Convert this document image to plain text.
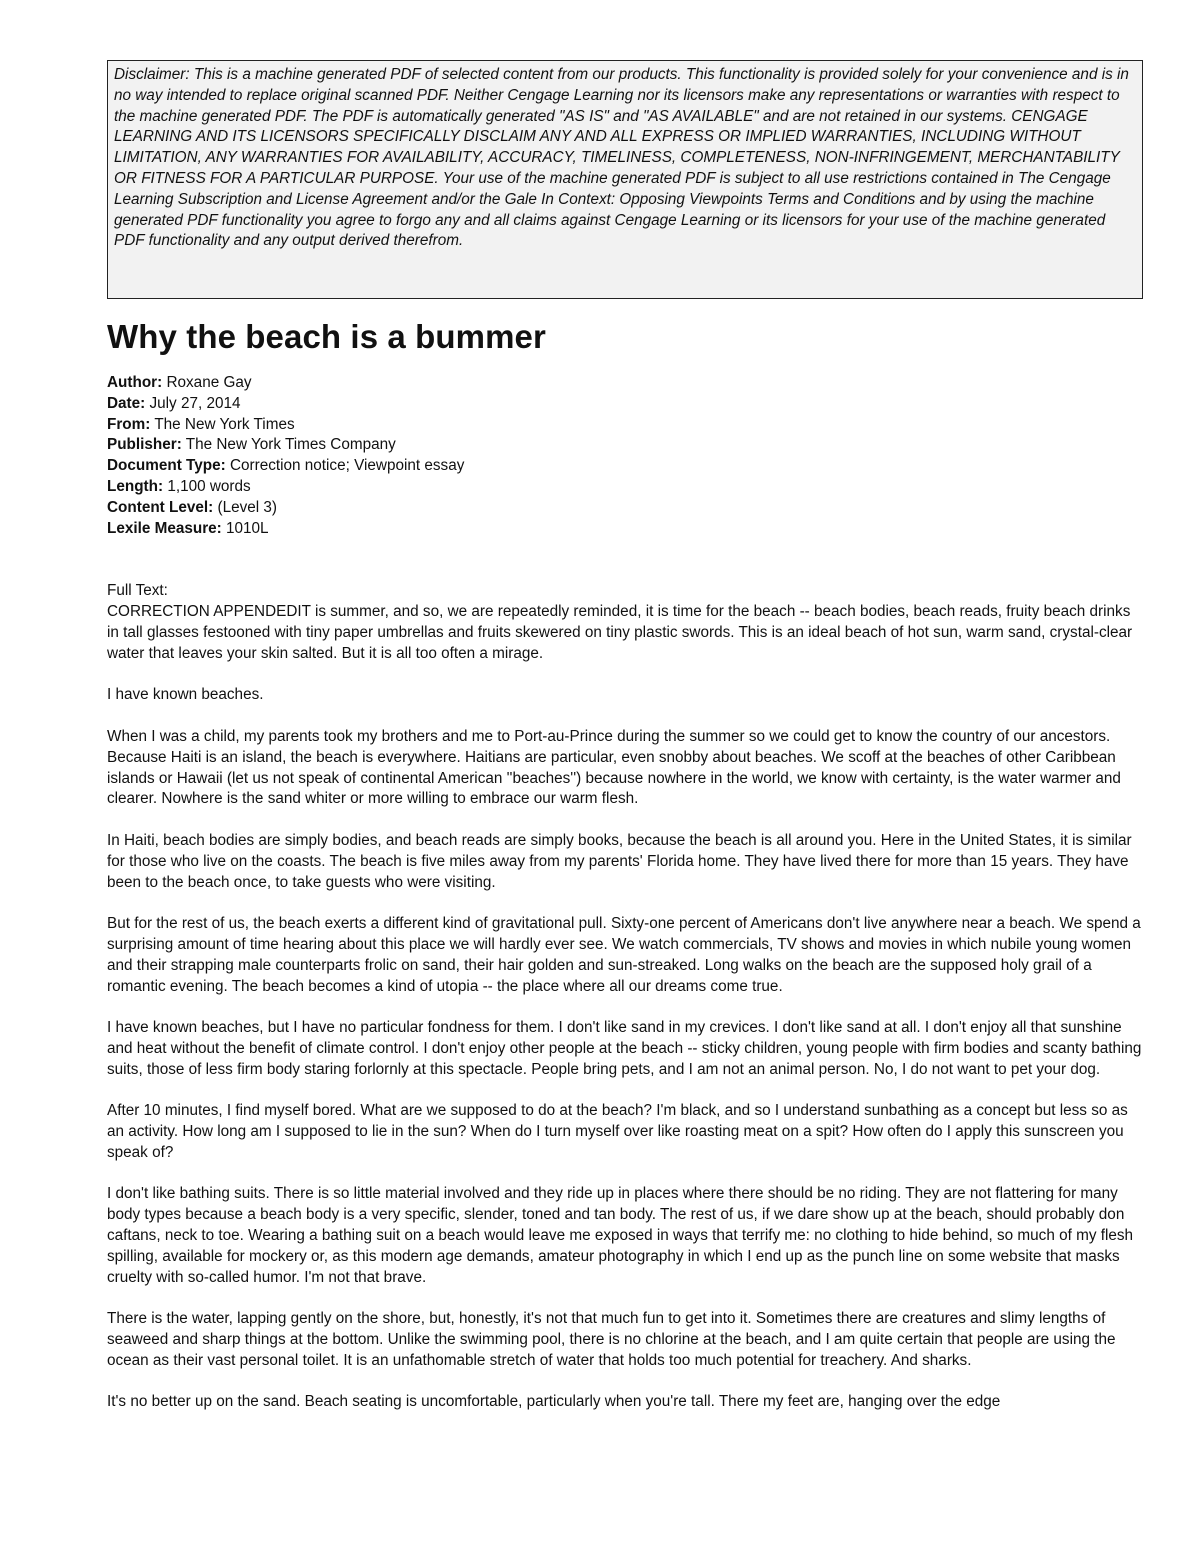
Disclaimer: This is a machine generated PDF of selected content from our products. This functionality is provided solely for your convenience and is in no way intended to replace original scanned PDF. Neither Cengage Learning nor its licensors make any representations or warranties with respect to the machine generated PDF. The PDF is automatically generated "AS IS" and "AS AVAILABLE" and are not retained in our systems. CENGAGE LEARNING AND ITS LICENSORS SPECIFICALLY DISCLAIM ANY AND ALL EXPRESS OR IMPLIED WARRANTIES, INCLUDING WITHOUT LIMITATION, ANY WARRANTIES FOR AVAILABILITY, ACCURACY, TIMELINESS, COMPLETENESS, NON-INFRINGEMENT, MERCHANTABILITY OR FITNESS FOR A PARTICULAR PURPOSE. Your use of the machine generated PDF is subject to all use restrictions contained in The Cengage Learning Subscription and License Agreement and/or the Gale In Context: Opposing Viewpoints Terms and Conditions and by using the machine generated PDF functionality you agree to forgo any and all claims against Cengage Learning or its licensors for your use of the machine generated PDF functionality and any output derived therefrom.
Why the beach is a bummer
Author: Roxane Gay
Date: July 27, 2014
From: The New York Times
Publisher: The New York Times Company
Document Type: Correction notice; Viewpoint essay
Length: 1,100 words
Content Level: (Level 3)
Lexile Measure: 1010L
Full Text:

CORRECTION APPENDEDIT is summer, and so, we are repeatedly reminded, it is time for the beach -- beach bodies, beach reads, fruity beach drinks in tall glasses festooned with tiny paper umbrellas and fruits skewered on tiny plastic swords. This is an ideal beach of hot sun, warm sand, crystal-clear water that leaves your skin salted. But it is all too often a mirage.

I have known beaches.

When I was a child, my parents took my brothers and me to Port-au-Prince during the summer so we could get to know the country of our ancestors. Because Haiti is an island, the beach is everywhere. Haitians are particular, even snobby about beaches. We scoff at the beaches of other Caribbean islands or Hawaii (let us not speak of continental American ''beaches'') because nowhere in the world, we know with certainty, is the water warmer and clearer. Nowhere is the sand whiter or more willing to embrace our warm flesh.

In Haiti, beach bodies are simply bodies, and beach reads are simply books, because the beach is all around you. Here in the United States, it is similar for those who live on the coasts. The beach is five miles away from my parents' Florida home. They have lived there for more than 15 years. They have been to the beach once, to take guests who were visiting.

But for the rest of us, the beach exerts a different kind of gravitational pull. Sixty-one percent of Americans don't live anywhere near a beach. We spend a surprising amount of time hearing about this place we will hardly ever see. We watch commercials, TV shows and movies in which nubile young women and their strapping male counterparts frolic on sand, their hair golden and sun-streaked. Long walks on the beach are the supposed holy grail of a romantic evening. The beach becomes a kind of utopia -- the place where all our dreams come true.

I have known beaches, but I have no particular fondness for them. I don't like sand in my crevices. I don't like sand at all. I don't enjoy all that sunshine and heat without the benefit of climate control. I don't enjoy other people at the beach -- sticky children, young people with firm bodies and scanty bathing suits, those of less firm body staring forlornly at this spectacle. People bring pets, and I am not an animal person. No, I do not want to pet your dog.

After 10 minutes, I find myself bored. What are we supposed to do at the beach? I'm black, and so I understand sunbathing as a concept but less so as an activity. How long am I supposed to lie in the sun? When do I turn myself over like roasting meat on a spit? How often do I apply this sunscreen you speak of?

I don't like bathing suits. There is so little material involved and they ride up in places where there should be no riding. They are not flattering for many body types because a beach body is a very specific, slender, toned and tan body. The rest of us, if we dare show up at the beach, should probably don caftans, neck to toe. Wearing a bathing suit on a beach would leave me exposed in ways that terrify me: no clothing to hide behind, so much of my flesh spilling, available for mockery or, as this modern age demands, amateur photography in which I end up as the punch line on some website that masks cruelty with so-called humor. I'm not that brave.

There is the water, lapping gently on the shore, but, honestly, it's not that much fun to get into it. Sometimes there are creatures and slimy lengths of seaweed and sharp things at the bottom. Unlike the swimming pool, there is no chlorine at the beach, and I am quite certain that people are using the ocean as their vast personal toilet. It is an unfathomable stretch of water that holds too much potential for treachery. And sharks.

It's no better up on the sand. Beach seating is uncomfortable, particularly when you're tall. There my feet are, hanging over the edge
